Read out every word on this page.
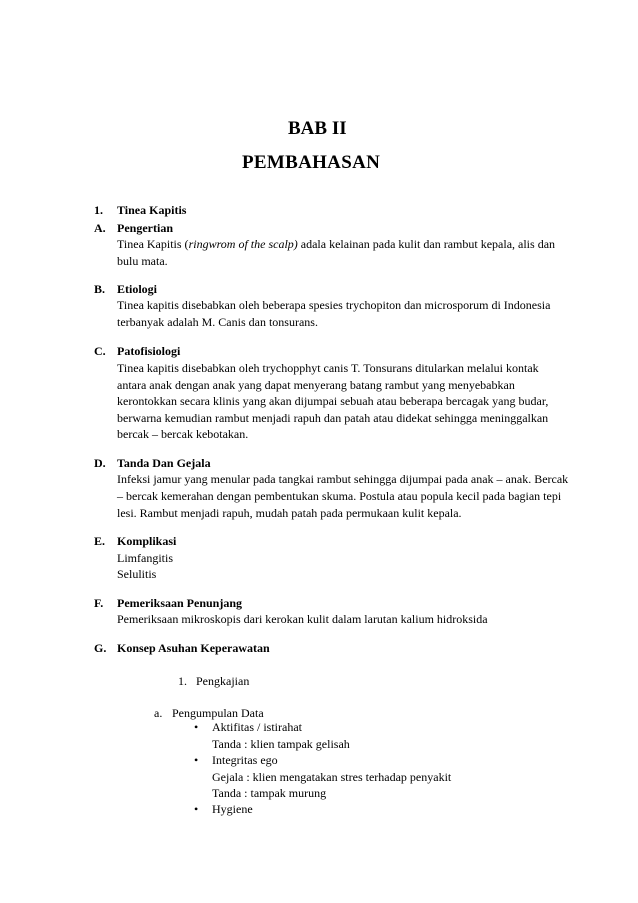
BAB II
PEMBAHASAN
1. Tinea Kapitis
A. Pengertian
Tinea Kapitis (ringwrom of the scalp) adala kelainan pada kulit dan rambut kepala, alis dan
bulu mata.
B. Etiologi
Tinea kapitis disebabkan oleh beberapa spesies trychopiton dan microsporum di Indonesia
terbanyak adalah M. Canis dan tonsurans.
C. Patofisiologi
Tinea kapitis disebabkan oleh trychopphyt canis T. Tonsurans ditularkan melalui kontak
antara anak dengan anak yang dapat menyerang batang rambut yang menyebabkan
kerontokkan secara klinis yang akan dijumpai sebuah atau beberapa bercagak yang budar,
berwarna kemudian rambut menjadi rapuh dan patah atau didekat sehingga meninggalkan
bercak – bercak kebotakan.
D. Tanda Dan Gejala
Infeksi jamur yang menular pada tangkai rambut sehingga dijumpai pada anak – anak. Bercak
– bercak kemerahan dengan pembentukan skuma. Postula atau popula kecil pada bagian tepi
lesi. Rambut menjadi rapuh, mudah patah pada permukaan kulit kepala.
E. Komplikasi
Limfangitis
Selulitis
F. Pemeriksaan Penunjang
Pemeriksaan mikroskopis dari kerokan kulit dalam larutan kalium hidroksida
G. Konsep Asuhan Keperawatan
1. Pengkajian
a. Pengumpulan Data
• Aktifitas / istirahat
Tanda : klien tampak gelisah
• Integritas ego
Gejala : klien mengatakan stres terhadap penyakit
Tanda : tampak murung
• Hygiene
